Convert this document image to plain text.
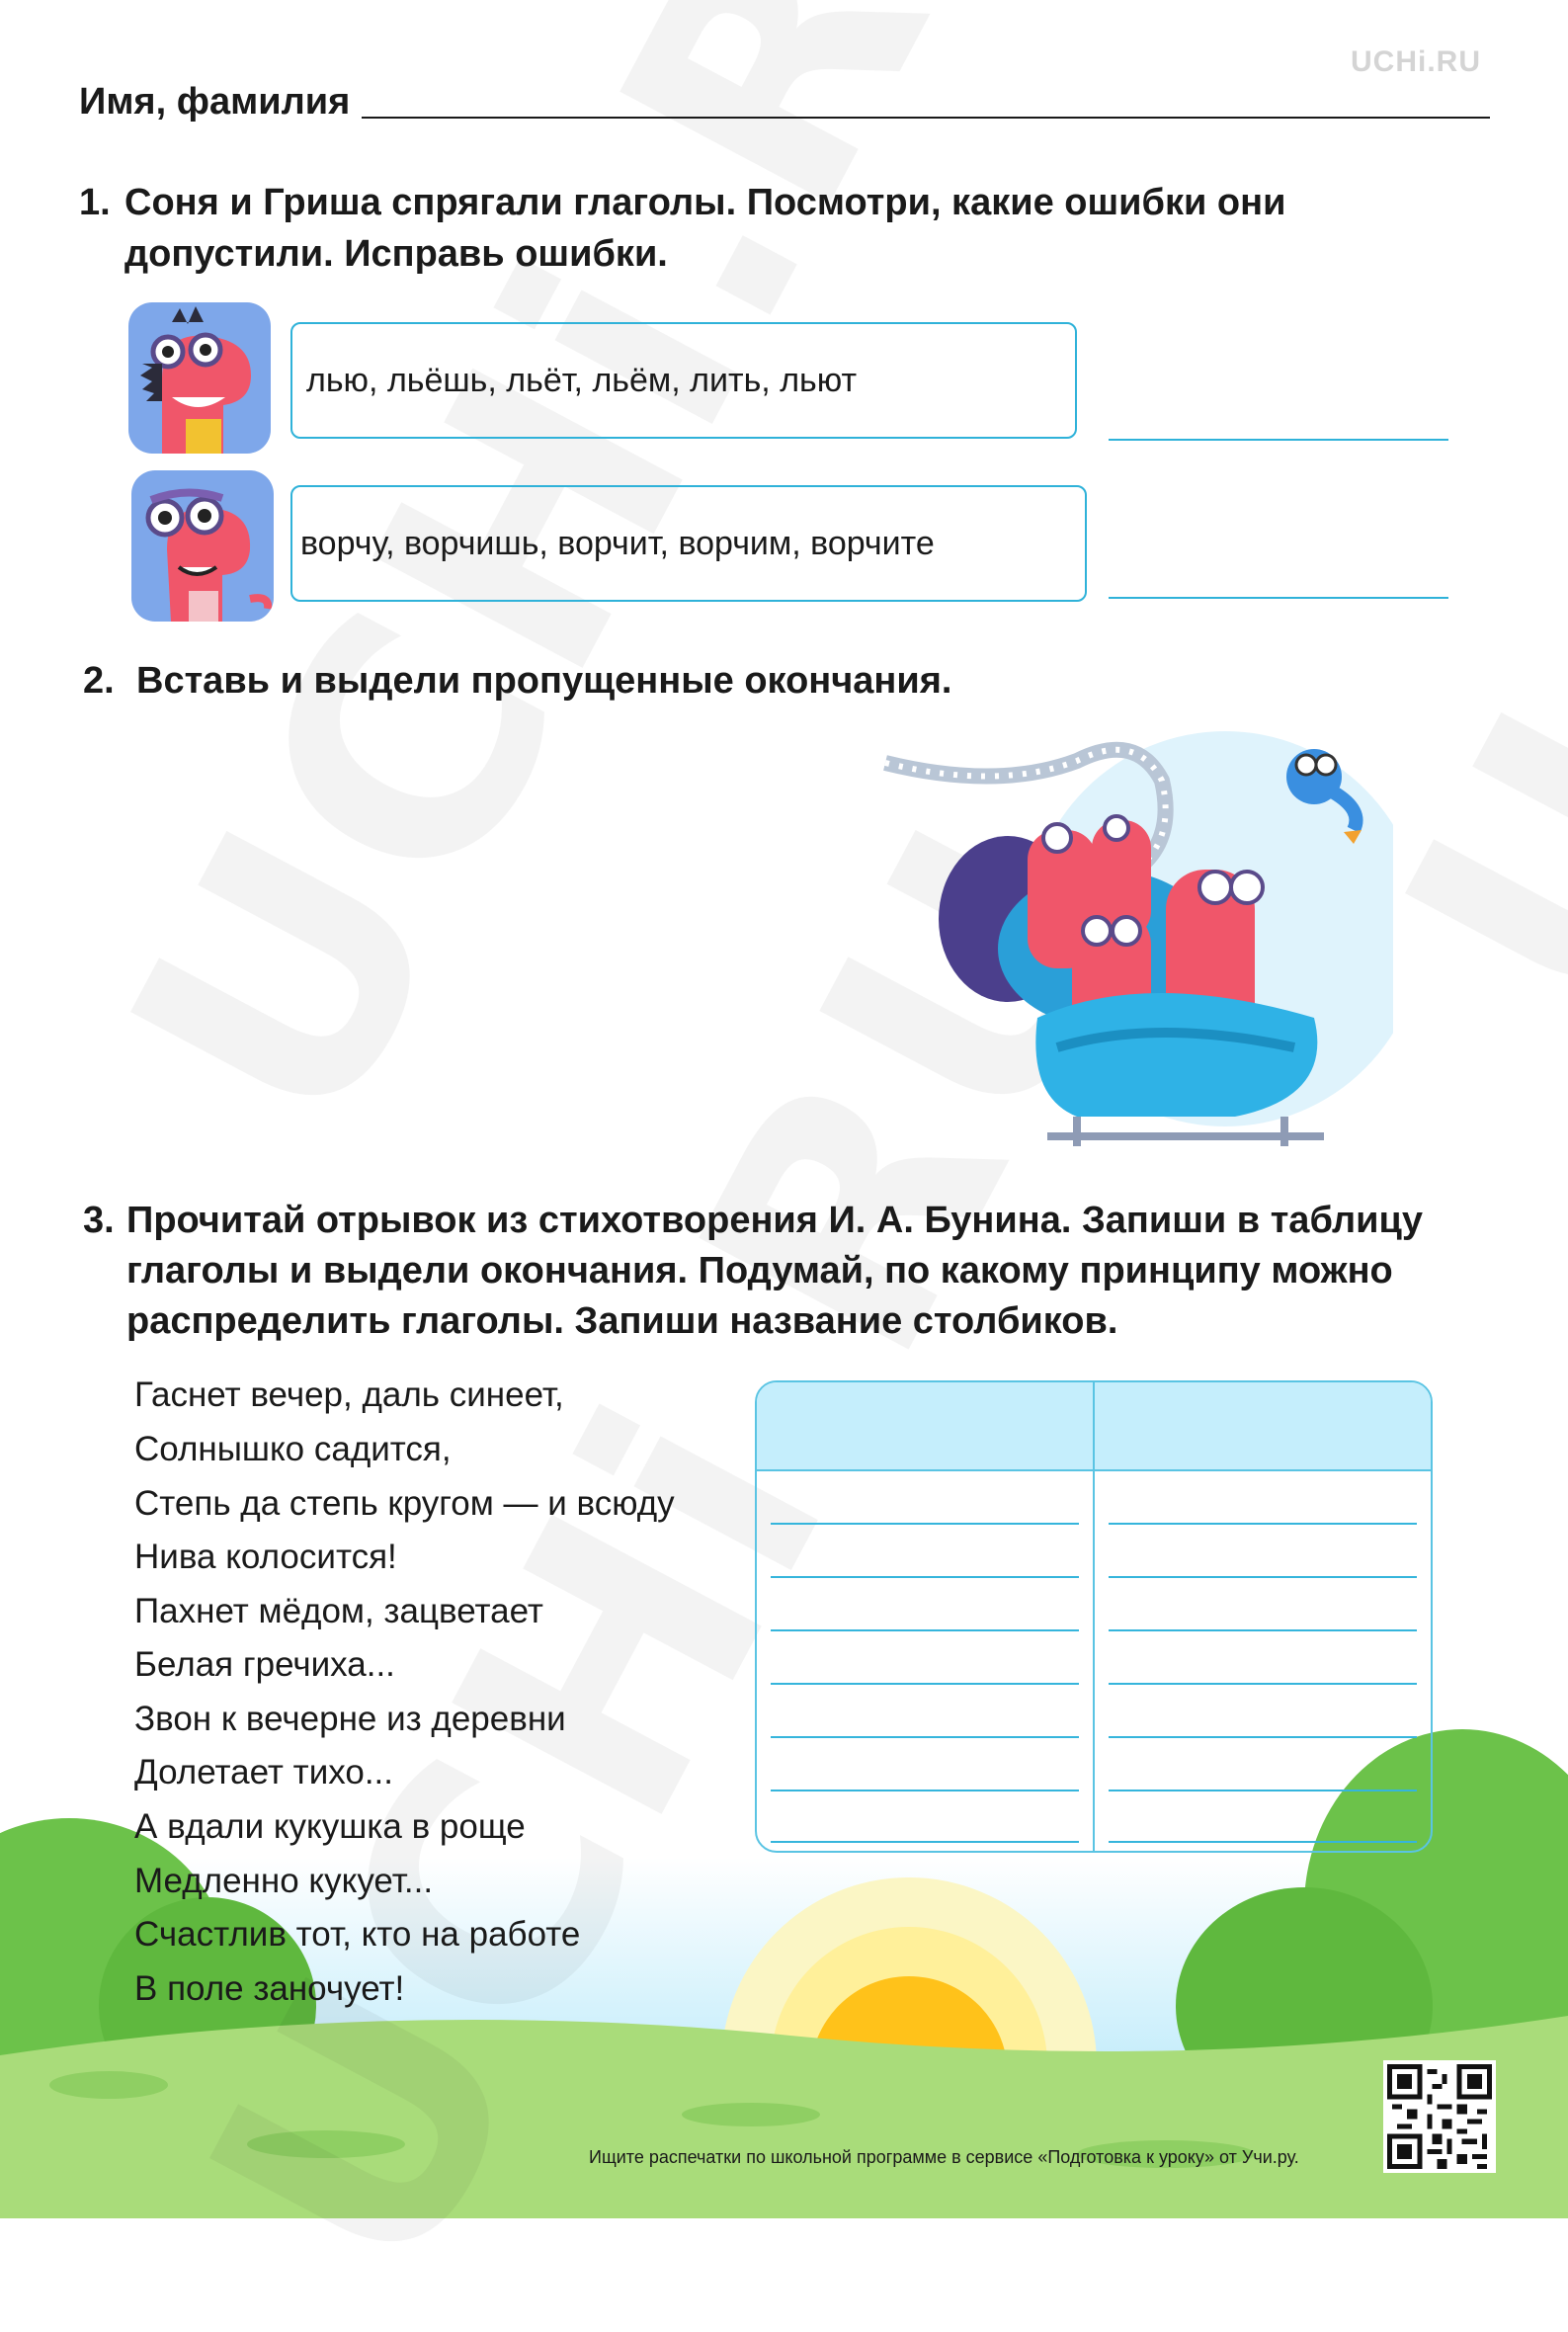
UCHi.RU
Имя, фамилия
1. Соня и Гриша спрягали глаголы. Посмотри, какие ошибки они
допустили. Исправь ошибки.
лью, льёшь, льёт, льём, лить, льют
ворчу, ворчишь, ворчит, ворчим, ворчите
2. Вставь и выдели пропущенные окончания.
3. Прочитай отрывок из стихотворения И. А. Бунина. Запиши в таблицу
глаголы и выдели окончания. Подумай, по какому принципу можно
распределить глаголы. Запиши название столбиков.
Гаснет вечер, даль синеет,
Солнышко садится,
Степь да степь кругом — и всюду
Нива колосится!
Пахнет мёдом, зацветает
Белая гречиха...
Звон к вечерне из деревни
Долетает тихо...
А вдали кукушка в роще
Медленно кукует...
Счастлив тот, кто на работе
В поле заночует!
Ищите распечатки по школьной программе в сервисе «Подготовка к уроку» от Учи.ру.
